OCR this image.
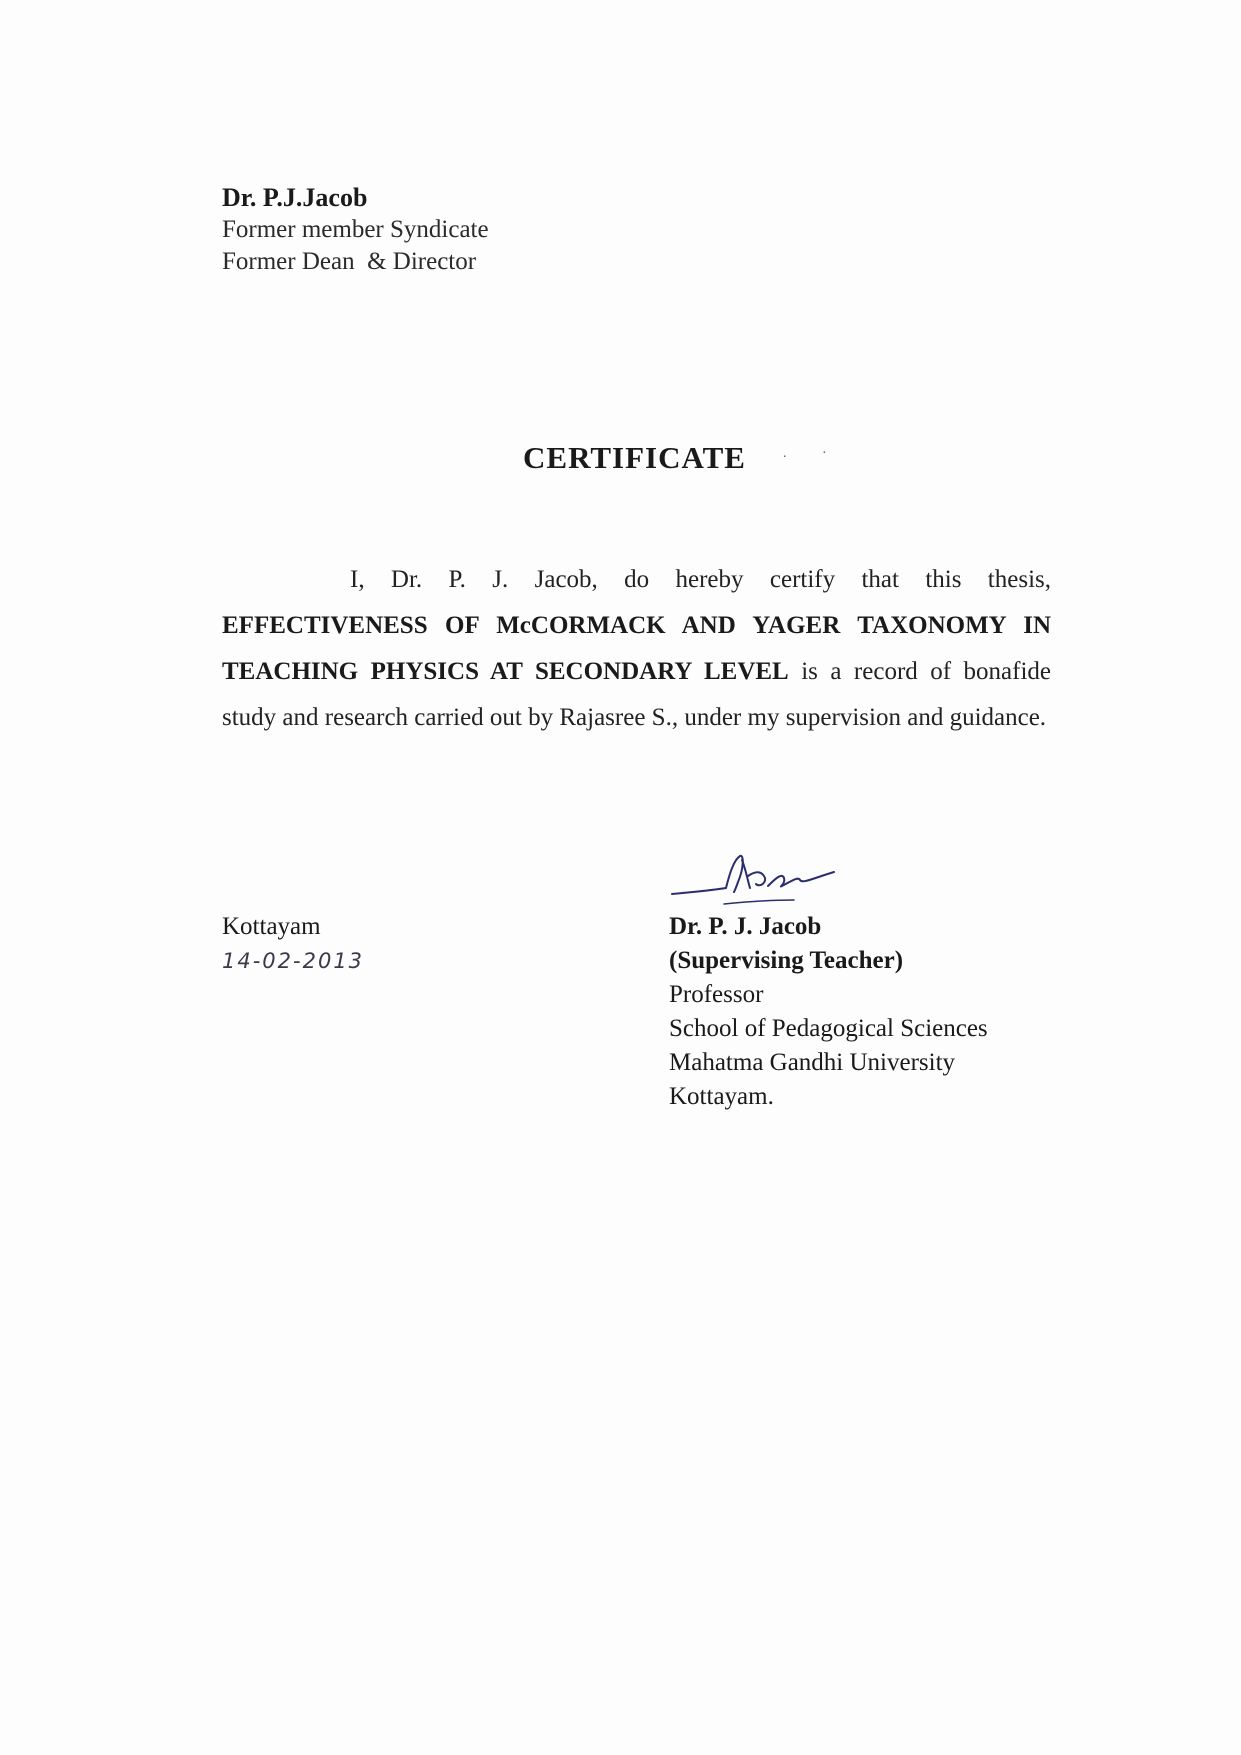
Dr. P.J.Jacob
Former member Syndicate
Former Dean  & Director
CERTIFICATE	. ·
I, Dr. P. J. Jacob, do hereby certify that this thesis, EFFECTIVENESS OF McCORMACK AND YAGER TAXONOMY IN TEACHING PHYSICS AT SECONDARY LEVEL is a record of bonafide study and research carried out by Rajasree S., under my supervision and guidance.
Kottayam
14-02-2013
Dr. P. J. Jacob
(Supervising Teacher)
Professor
School of Pedagogical Sciences
Mahatma Gandhi University
Kottayam.
